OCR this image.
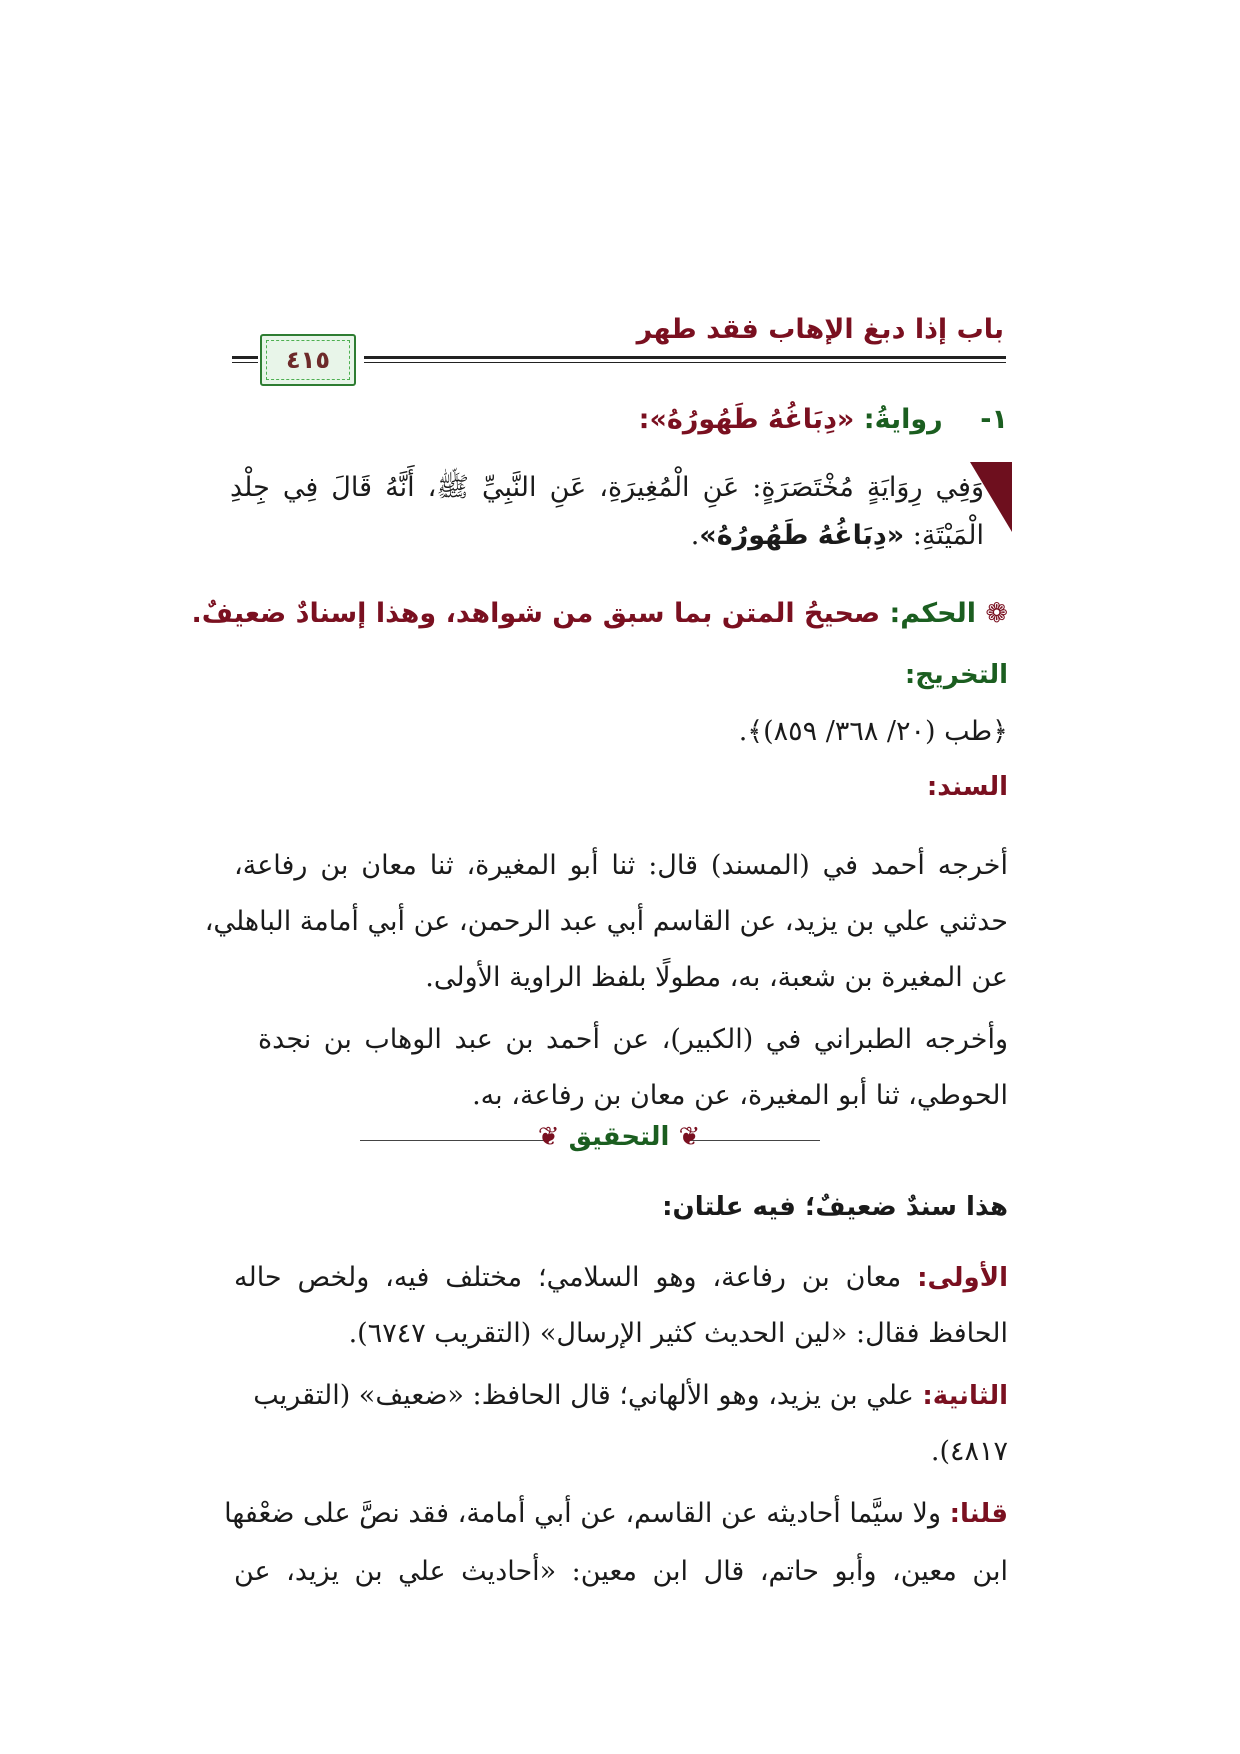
باب إذا دبغ الإهاب فقد طهر
٤١٥
١-    روايةُ: «دِبَاغُهُ طَهُورُهُ»:
وَفِي رِوَايَةٍ مُخْتَصَرَةٍ: عَنِ الْمُغِيرَةِ، عَنِ النَّبِيِّ ﷺ، أَنَّهُ قَالَ فِي جِلْدِ
الْمَيْتَةِ: «دِبَاغُهُ طَهُورُهُ».
❁ الحكم: صحيحُ المتن بما سبق من شواهد، وهذا إسنادٌ ضعيفٌ.
التخريج:
﴿طب (٢٠/ ٣٦٨/ ٨٥٩)﴾.
السند:
أخرجه أحمد في (المسند) قال: ثنا أبو المغيرة، ثنا معان بن رفاعة،
حدثني علي بن يزيد، عن القاسم أبي عبد الرحمن، عن أبي أمامة الباهلي،
عن المغيرة بن شعبة، به، مطولًا بلفظ الراوية الأولى.
وأخرجه الطبراني في (الكبير)، عن أحمد بن عبد الوهاب بن نجدة
الحوطي، ثنا أبو المغيرة، عن معان بن رفاعة، به.
❦ التحقيق ❦
هذا سندٌ ضعيفٌ؛ فيه علتان:
الأولى: معان بن رفاعة، وهو السلامي؛ مختلف فيه، ولخص حاله
الحافظ فقال: «لين الحديث كثير الإرسال» (التقريب ٦٧٤٧).
الثانية: علي بن يزيد، وهو الألهاني؛ قال الحافظ: «ضعيف» (التقريب
٤٨١٧).
قلنا: ولا سيَّما أحاديثه عن القاسم، عن أبي أمامة، فقد نصَّ على ضعْفها
ابن معين، وأبو حاتم، قال ابن معين: «أحاديث علي بن يزيد، عن
